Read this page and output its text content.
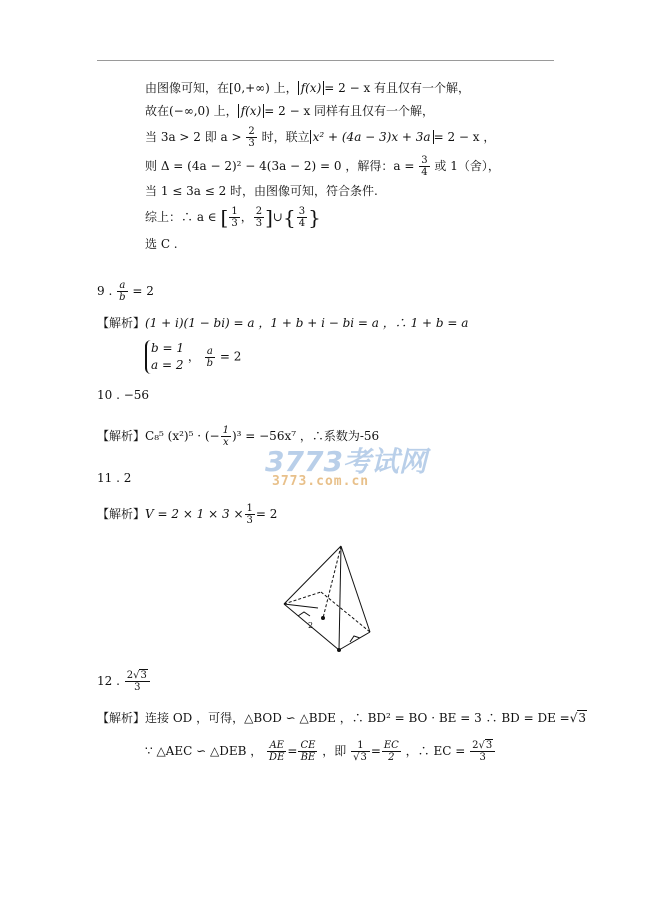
由图像可知，在[0,+∞) 上， f(x) = 2 − x 有且仅有一个解，
故在(−∞,0) 上， f(x) = 2 − x 同样有且仅有一个解，
当 3a > 2 即 $a > \frac{2}{3}$ 时，联立 x² + (4a − 3)x + 3a = 2 − x ，
则 Δ = (4a − 2)² − 4(3a − 2) = 0 ，解得：$a = \frac{3}{4}$ 或 1（舍），
当 1 ≤ 3a ≤ 2 时，由图像可知，符合条件.
综上：∴ a ∈ [ $\frac{1}{3}$ ， $\frac{2}{3}$ ]∪{ $\frac{3}{4}$ }
选 C .
9 . $\frac{a}{b} = 2$
【解析】(1 + i)(1 − bi) = a ，1 + b + i − bi = a ，∴ 1 + b = a
b = 1
a = 2
， $\frac{a}{b} = 2$
10 . −56
【解析】C₈⁵ (x²)⁵ · (− $\frac{1}{x} )^3 = -56x^7$ ，∴系数为-56
3773考试网
3773.com.cn
11 . 2
【解析】$V = 2 \times 1 \times 3 \times \frac{1}{3} = 2$
2
12 . $\frac{2√3}{3}$
【解析】连接 OD ，可得，△BOD ∽ △BDE ，∴ BD² = BO · BE = 3 ∴ BD = DE =√3
∵ △AEC ∽ △DEB ， $\frac{AE}{DE} = \frac{CE}{BE}$ ，即 $\frac{1}{√3} = \frac{EC}{2}$ ，∴ EC = $\frac{2√3}{3}$
